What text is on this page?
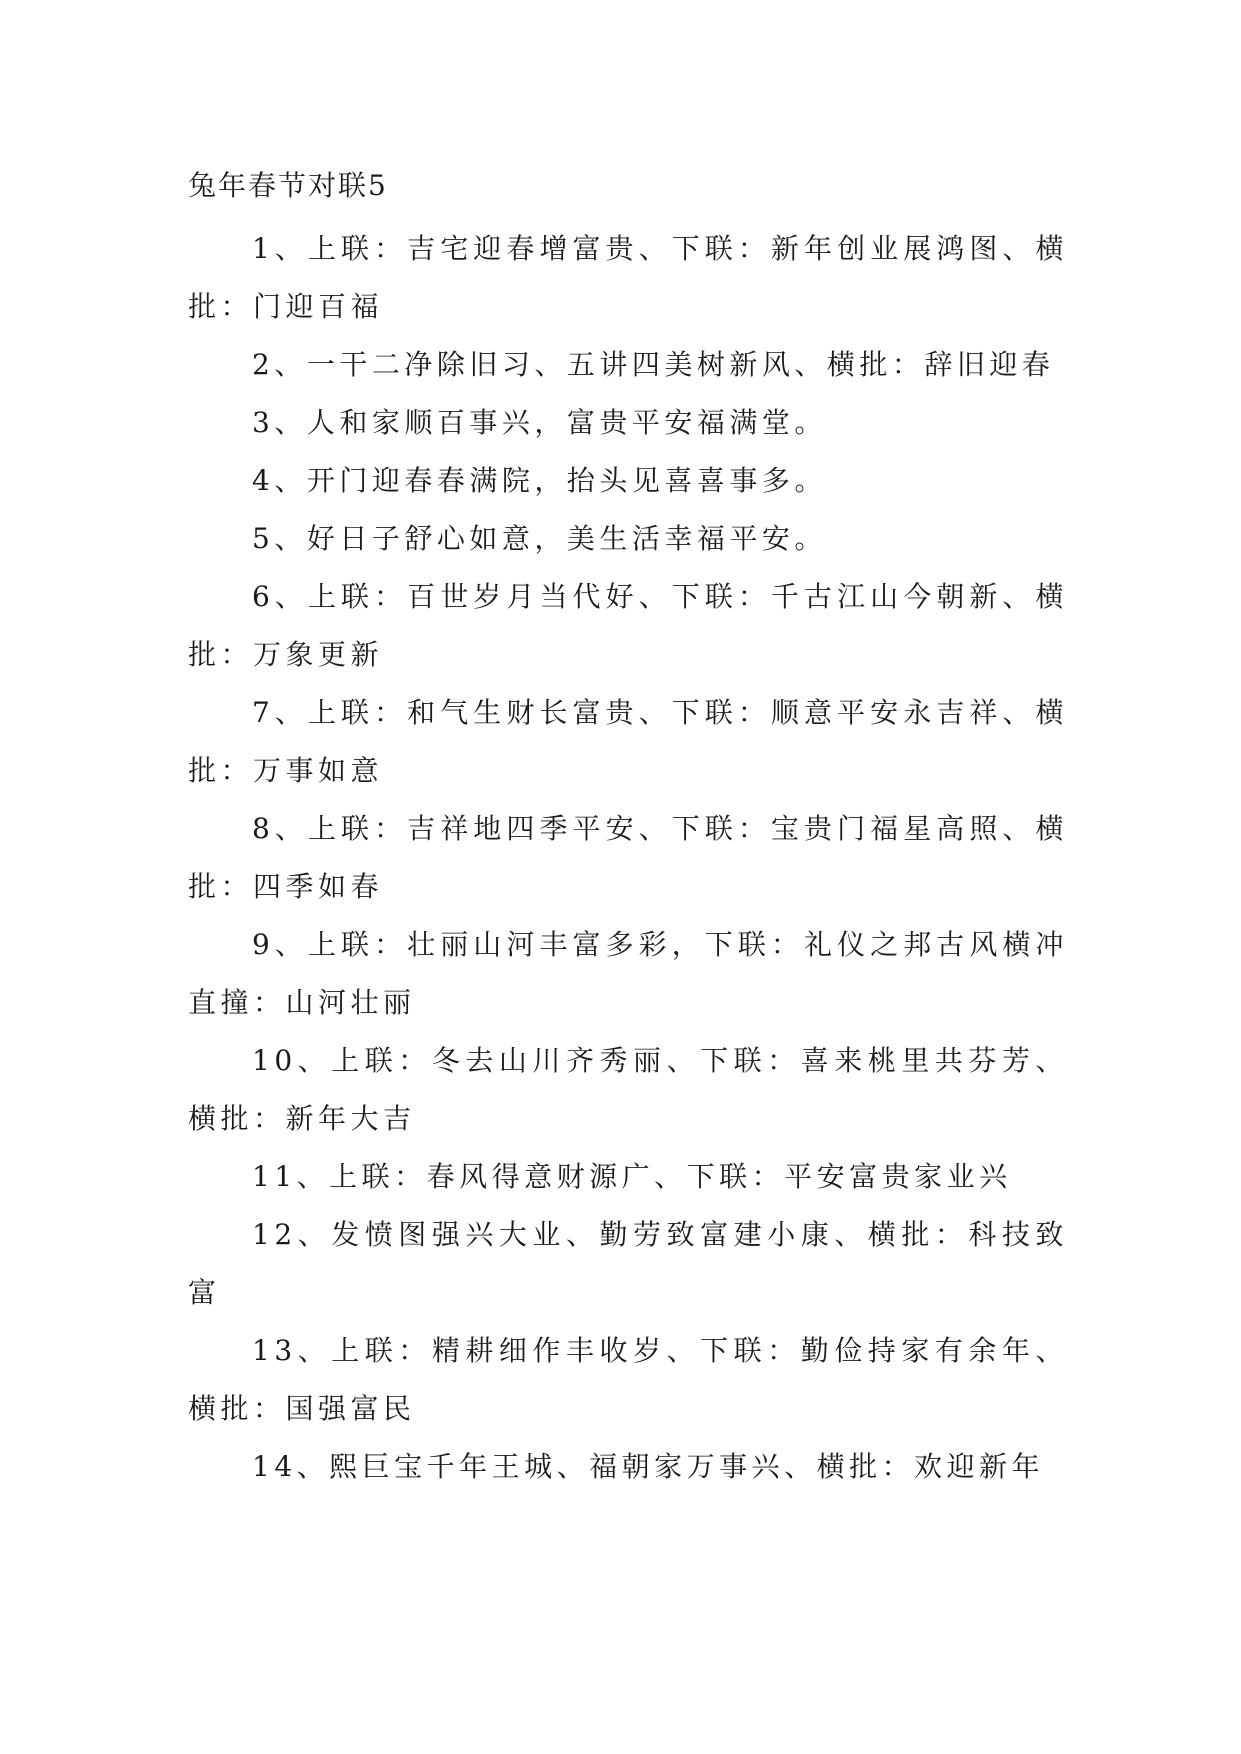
兔年春节对联5

1、上联：吉宅迎春增富贵、下联：新年创业展鸿图、横批：门迎百福

2、一干二净除旧习、五讲四美树新风、横批：辞旧迎春

3、人和家顺百事兴，富贵平安福满堂。

4、开门迎春春满院，抬头见喜喜事多。

5、好日子舒心如意，美生活幸福平安。

6、上联：百世岁月当代好、下联：千古江山今朝新、横批：万象更新

7、上联：和气生财长富贵、下联：顺意平安永吉祥、横批：万事如意

8、上联：吉祥地四季平安、下联：宝贵门福星高照、横批：四季如春

9、上联：壮丽山河丰富多彩，下联：礼仪之邦古风横冲直撞：山河壮丽

10、上联：冬去山川齐秀丽、下联：喜来桃里共芬芳、横批：新年大吉

11、上联：春风得意财源广、下联：平安富贵家业兴

12、发愤图强兴大业、勤劳致富建小康、横批：科技致富

13、上联：精耕细作丰收岁、下联：勤俭持家有余年、横批：国强富民

14、熙巨宝千年王城、福朝家万事兴、横批：欢迎新年
